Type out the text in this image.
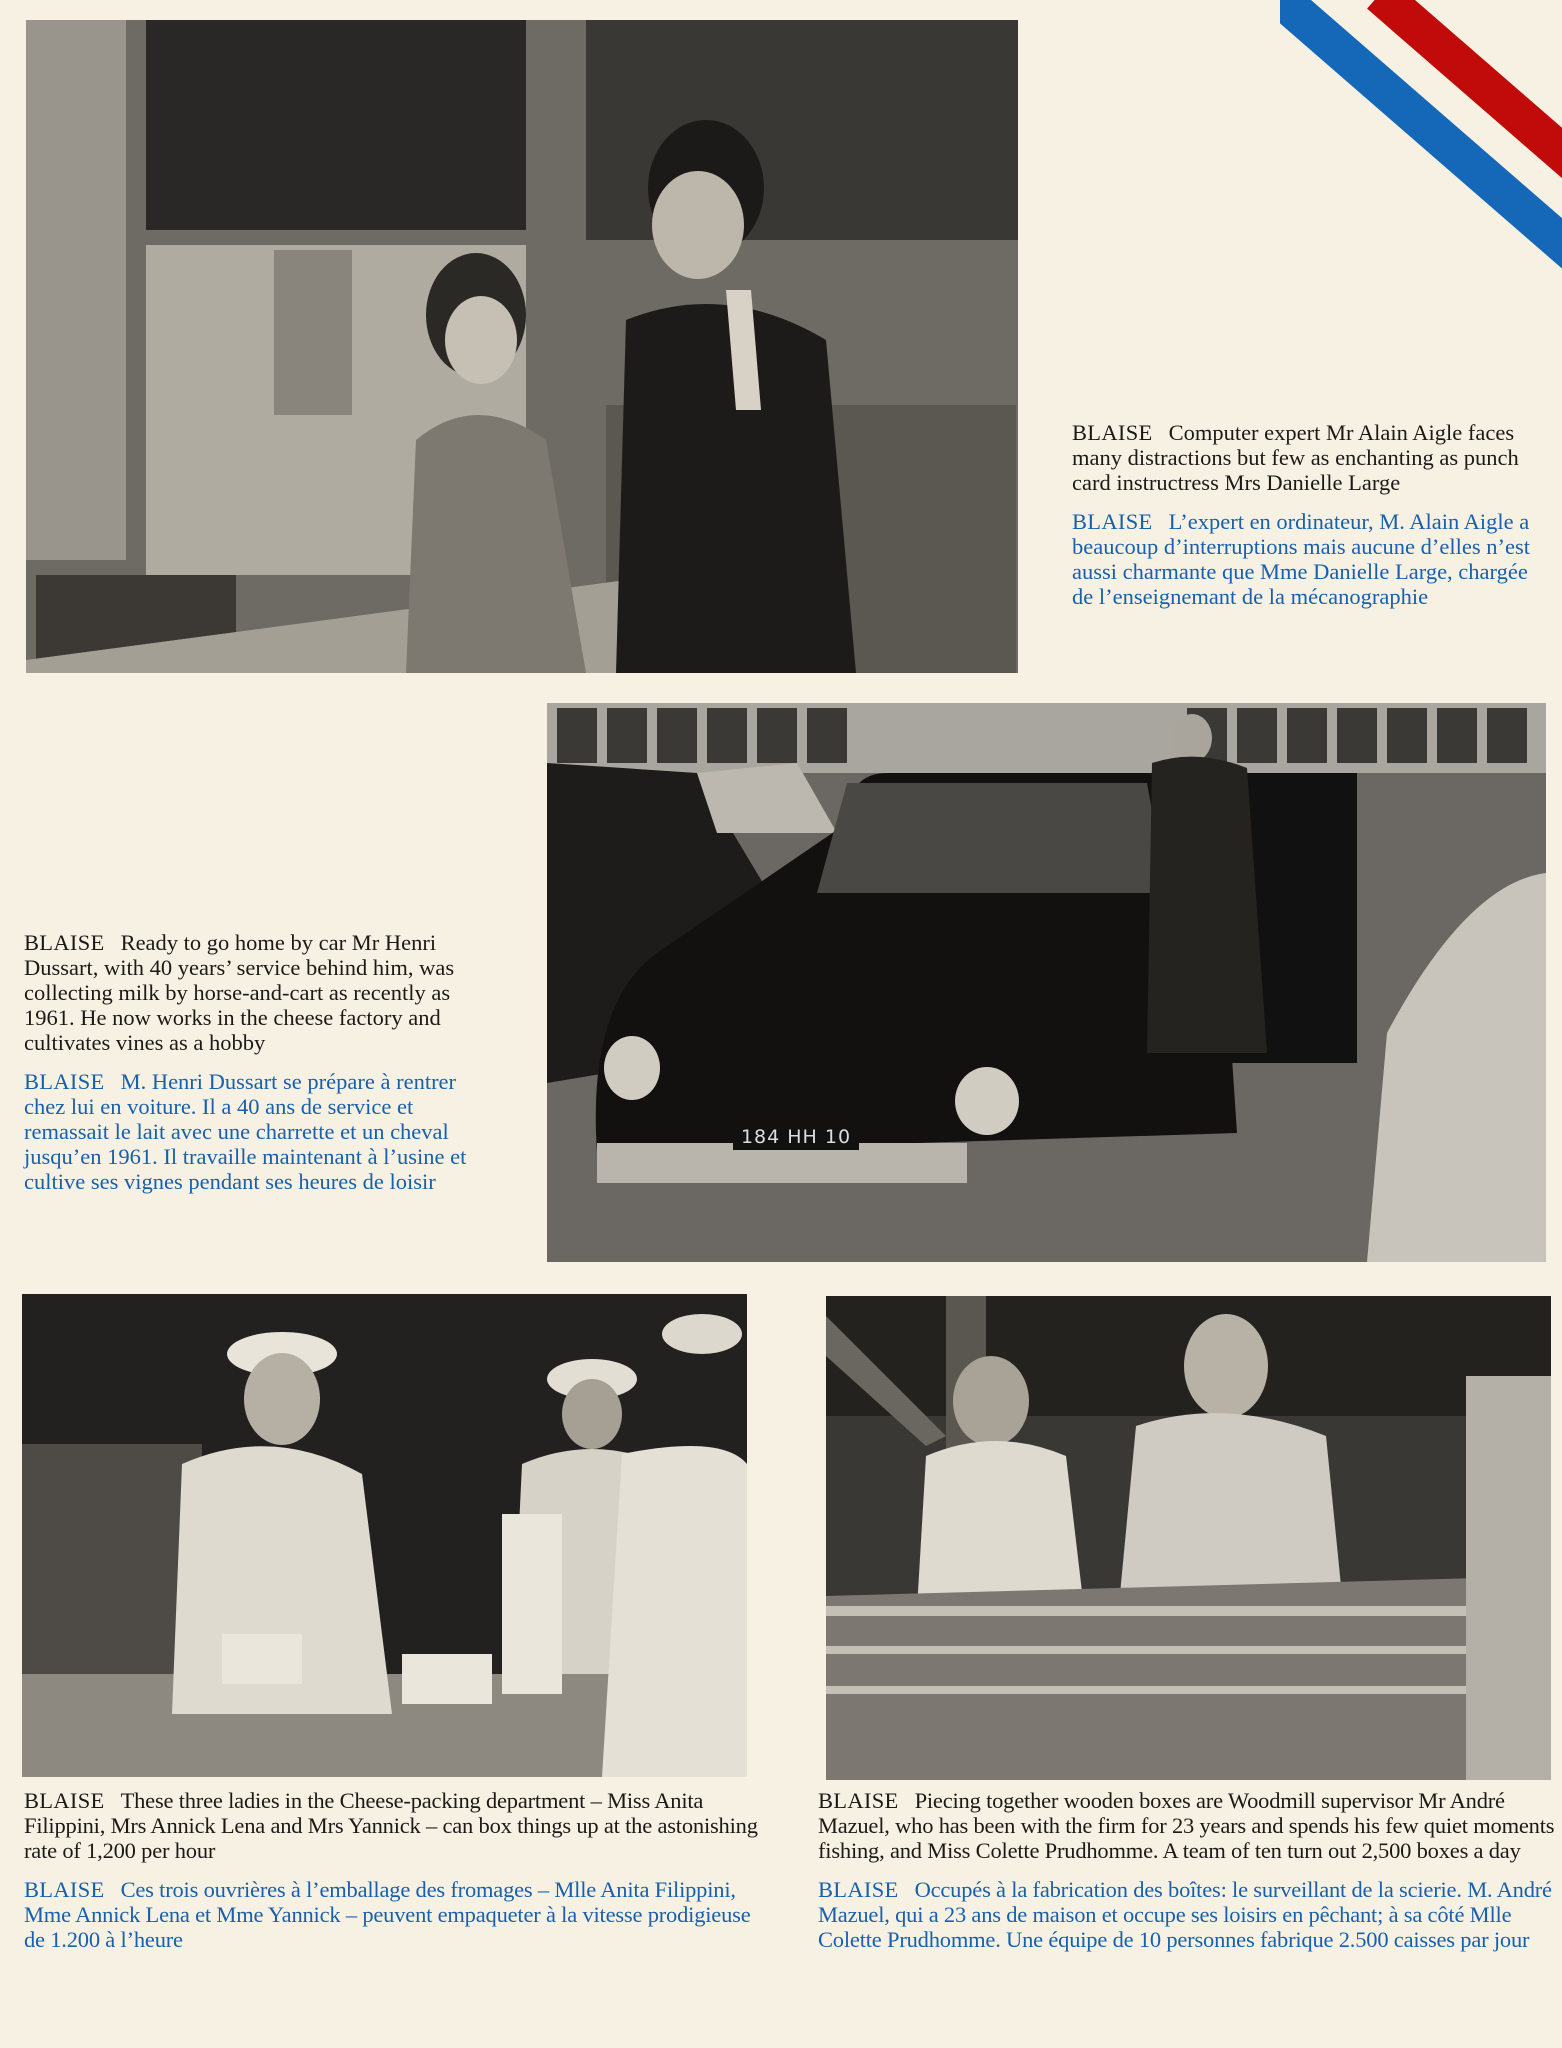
BLAISE Computer expert Mr Alain Aigle faces many distractions but few as enchanting as punch card instructress Mrs Danielle Large

BLAISE L’expert en ordinateur, M. Alain Aigle a beaucoup d’interruptions mais aucune d’elles n’est aussi charmante que Mme Danielle Large, chargée de l’enseignemant de la mécanographie

184 HH 10

BLAISE Ready to go home by car Mr Henri Dussart, with 40 years’ service behind him, was collecting milk by horse-and-cart as recently as 1961. He now works in the cheese factory and cultivates vines as a hobby

BLAISE M. Henri Dussart se prépare à rentrer chez lui en voiture. Il a 40 ans de service et remassait le lait avec une charrette et un cheval jusqu’en 1961. Il travaille maintenant à l’usine et cultive ses vignes pendant ses heures de loisir

BLAISE These three ladies in the Cheese-packing department – Miss Anita Filippini, Mrs Annick Lena and Mrs Yannick – can box things up at the astonishing rate of 1,200 per hour

BLAISE Ces trois ouvrières à l’emballage des fromages – Mlle Anita Filippini, Mme Annick Lena et Mme Yannick – peuvent empaqueter à la vitesse prodigieuse de 1.200 à l’heure

BLAISE Piecing together wooden boxes are Woodmill supervisor Mr André Mazuel, who has been with the firm for 23 years and spends his few quiet moments fishing, and Miss Colette Prudhomme. A team of ten turn out 2,500 boxes a day

BLAISE Occupés à la fabrication des boîtes: le surveillant de la scierie. M. André Mazuel, qui a 23 ans de maison et occupe ses loisirs en pêchant; à sa côté Mlle Colette Prudhomme. Une équipe de 10 personnes fabrique 2.500 caisses par jour
